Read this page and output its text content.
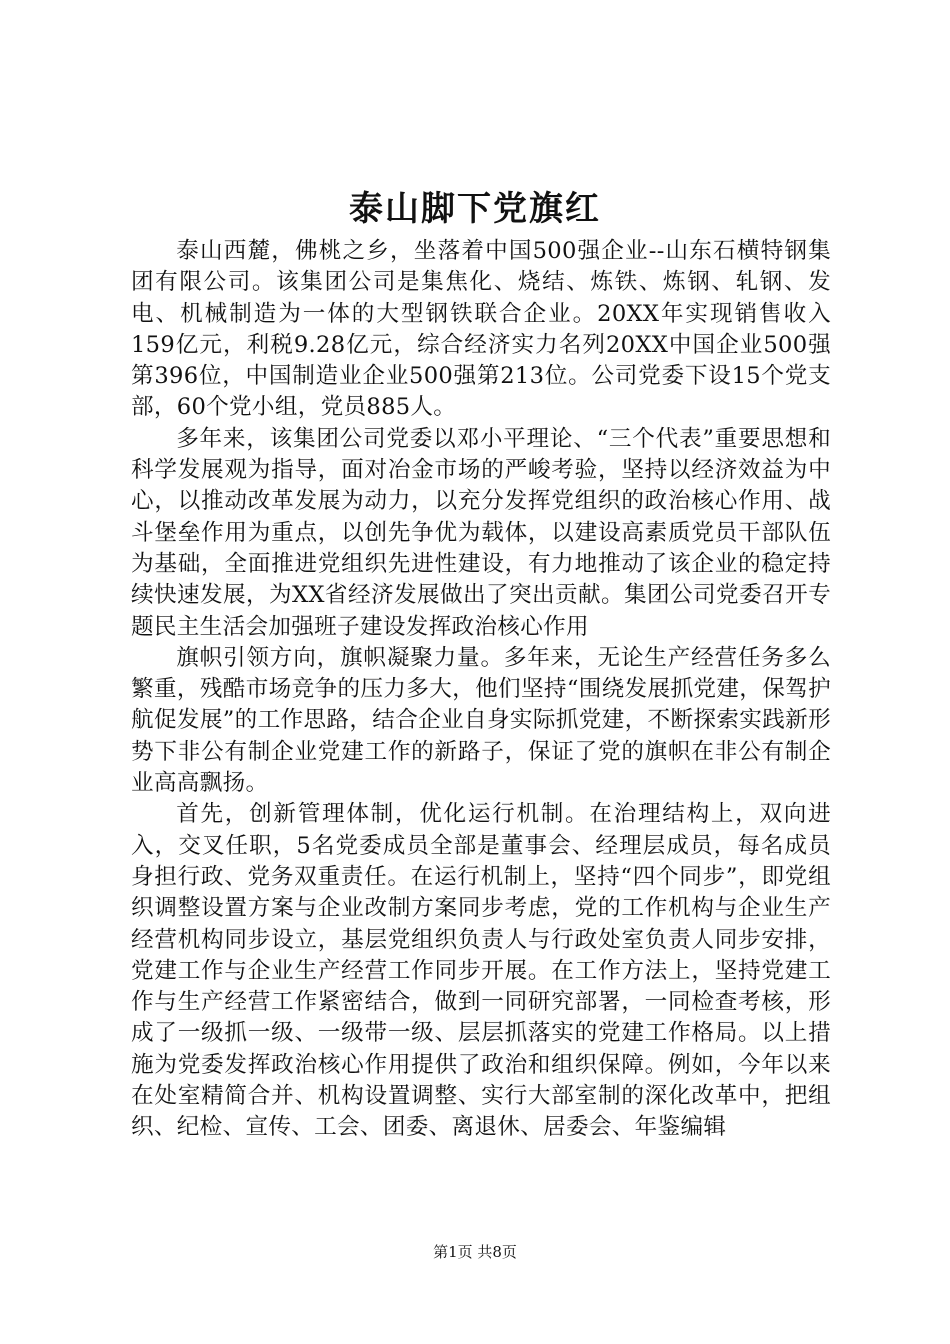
泰山脚下党旗红

泰山西麓，佛桃之乡，坐落着中国500强企业--山东石横特钢集团有限公司。该集团公司是集焦化、烧结、炼铁、炼钢、轧钢、发电、机械制造为一体的大型钢铁联合企业。20XX年实现销售收入159亿元，利税9.28亿元，综合经济实力名列20XX中国企业500强第396位，中国制造业企业500强第213位。公司党委下设15个党支部，60个党小组，党员885人。

多年来，该集团公司党委以邓小平理论、“三个代表”重要思想和科学发展观为指导，面对冶金市场的严峻考验，坚持以经济效益为中心，以推动改革发展为动力，以充分发挥党组织的政治核心作用、战斗堡垒作用为重点，以创先争优为载体，以建设高素质党员干部队伍为基础，全面推进党组织先进性建设，有力地推动了该企业的稳定持续快速发展，为XX省经济发展做出了突出贡献。集团公司党委召开专题民主生活会加强班子建设发挥政治核心作用

旗帜引领方向，旗帜凝聚力量。多年来，无论生产经营任务多么繁重，残酷市场竞争的压力多大，他们坚持“围绕发展抓党建，保驾护航促发展”的工作思路，结合企业自身实际抓党建，不断探索实践新形势下非公有制企业党建工作的新路子，保证了党的旗帜在非公有制企业高高飘扬。

首先，创新管理体制，优化运行机制。在治理结构上，双向进入，交叉任职，5名党委成员全部是董事会、经理层成员，每名成员身担行政、党务双重责任。在运行机制上，坚持“四个同步”，即党组织调整设置方案与企业改制方案同步考虑，党的工作机构与企业生产经营机构同步设立，基层党组织负责人与行政处室负责人同步安排，党建工作与企业生产经营工作同步开展。在工作方法上，坚持党建工作与生产经营工作紧密结合，做到一同研究部署，一同检查考核，形成了一级抓一级、一级带一级、层层抓落实的党建工作格局。以上措施为党委发挥政治核心作用提供了政治和组织保障。例如，今年以来在处室精简合并、机构设置调整、实行大部室制的深化改革中，把组织、纪检、宣传、工会、团委、离退休、居委会、年鉴编辑

第1页 共8页
